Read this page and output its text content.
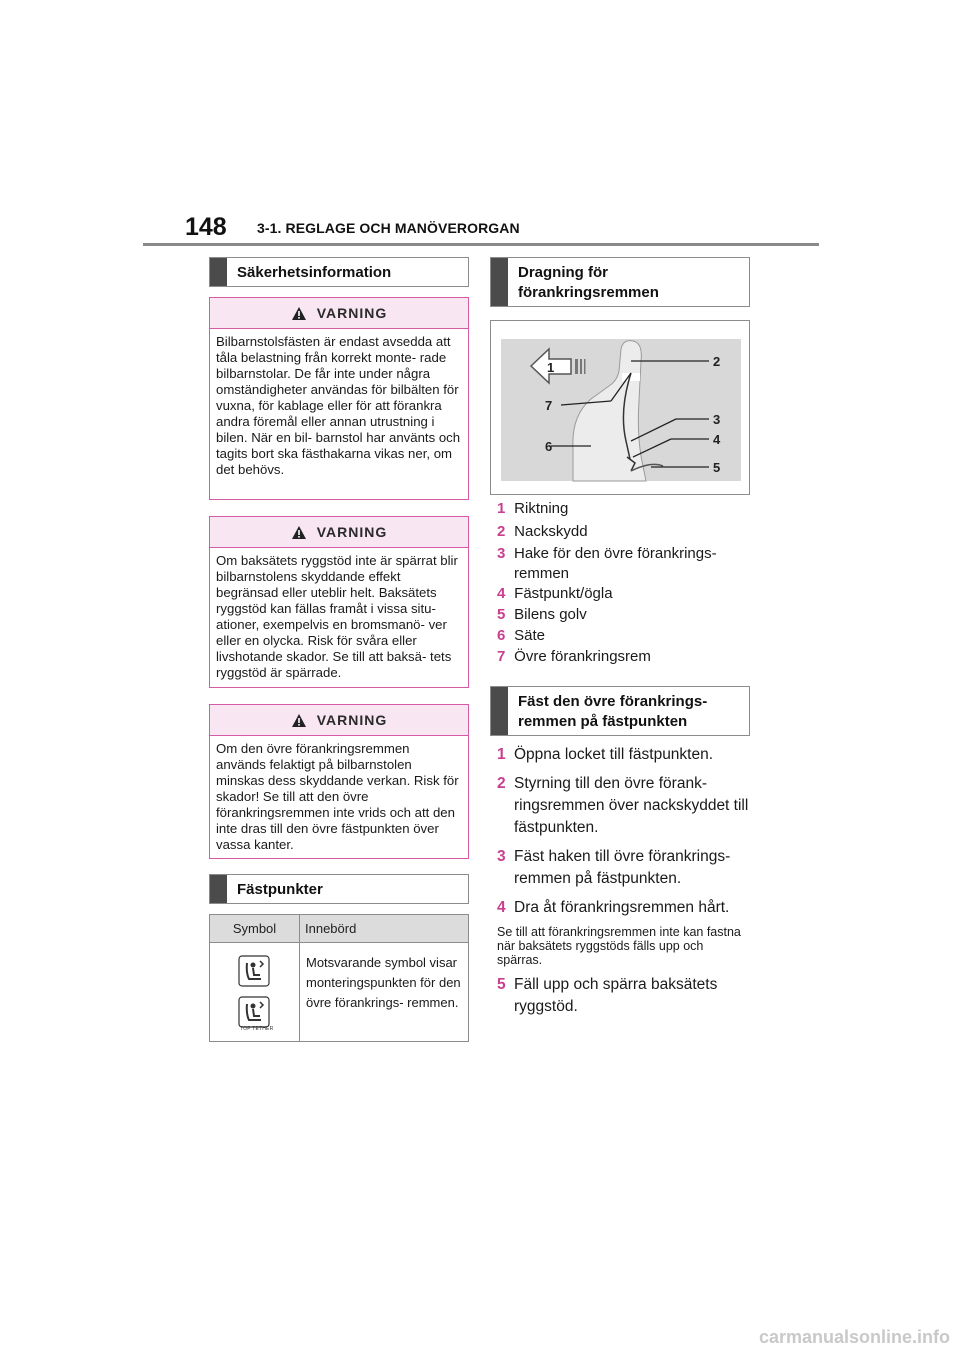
148 3-1. REGLAGE OCH MANÖVERORGAN
Säkerhetsinformation
VARNING
Bilbarnstolsfästen är endast avsedda att tåla belastning från korrekt monte- rade bilbarnstolar. De får inte under några omständigheter användas för bilbälten för vuxna, för kablage eller för att förankra andra föremål eller annan utrustning i bilen. När en bil- barnstol har använts och tagits bort ska fästhakarna vikas ner, om det behövs.
VARNING
Om baksätets ryggstöd inte är spärrat blir bilbarnstolens skyddande effekt begränsad eller uteblir helt. Baksätets ryggstöd kan fällas framåt i vissa situ- ationer, exempelvis en bromsmanö- ver eller en olycka. Risk för svåra eller livshotande skador. Se till att baksä- tets ryggstöd är spärrade.
VARNING
Om den övre förankringsremmen används felaktigt på bilbarnstolen minskas dess skyddande verkan. Risk för skador! Se till att den övre förankringsremmen inte vrids och att den inte dras till den övre fästpunkten över vassa kanter.
Fästpunkter
Symbol	Innebörd

TOP TETHER
Motsvarande symbol visar monteringspunkten för den övre förankrings- remmen.
Dragning för förankringsremmen
1	2
3
4
5
6
7
1 Riktning
2 Nackskydd
3 Hake för den övre förankrings- remmen
4 Fästpunkt/ögla
5 Bilens golv
6 Säte
7 Övre förankringsrem
Fäst den övre förankrings- remmen på fästpunkten
1 Öppna locket till fästpunkten.
2 Styrning till den övre förank- ringsremmen över nackskyddet till fästpunkten.
3 Fäst haken till övre förankrings- remmen på fästpunkten.
4 Dra åt förankringsremmen hårt.
Se till att förankringsremmen inte kan fastna när baksätets ryggstöds fälls upp och spärras.
5 Fäll upp och spärra baksätets ryggstöd.
carmanualsonline.info
